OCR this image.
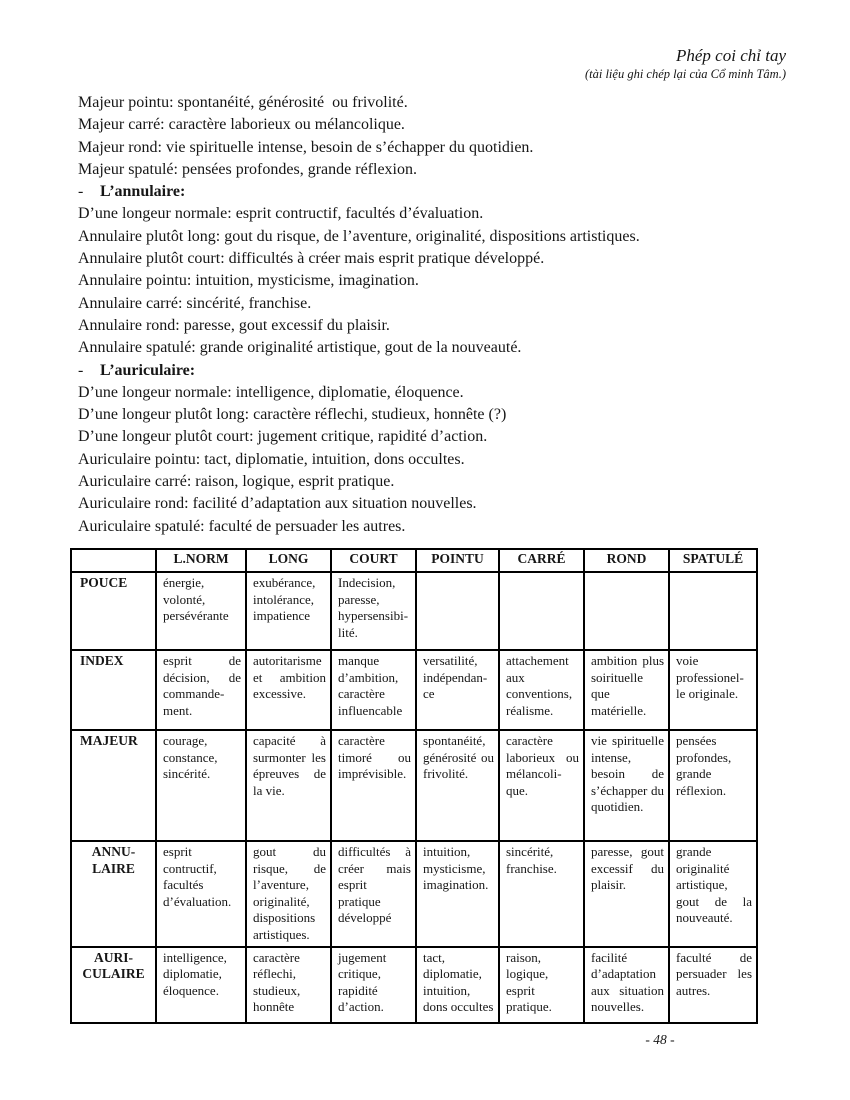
Phép coi chỉ tay
(tài liệu ghi chép lại của Cổ minh Tâm.)
Majeur pointu: spontanéité, générosité  ou frivolité.
Majeur carré: caractère laborieux ou mélancolique.
Majeur rond: vie spirituelle intense, besoin de s’échapper du quotidien.
Majeur spatulé: pensées profondes, grande réflexion.
-	L’annulaire:
D’une longeur normale: esprit contructif, facultés d’évaluation.
Annulaire plutôt long: gout du risque, de l’aventure, originalité, dispositions artistiques.
Annulaire plutôt court: difficultés à créer mais esprit pratique développé.
Annulaire pointu: intuition, mysticisme, imagination.
Annulaire carré: sincérité, franchise.
Annulaire rond: paresse, gout excessif du plaisir.
Annulaire spatulé: grande originalité artistique, gout de la nouveauté.
-	L’auriculaire:
D’une longeur normale: intelligence, diplomatie, éloquence.
D’une longeur plutôt long: caractère réflechi, studieux, honnête (?)
D’une longeur plutôt court: jugement critique, rapidité d’action.
Auriculaire pointu: tact, diplomatie, intuition, dons occultes.
Auriculaire carré: raison, logique, esprit pratique.
Auriculaire rond: facilité d’adaptation aux situation nouvelles.
Auriculaire spatulé: faculté de persuader les autres.
	L.NORM	LONG	COURT	POINTU	CARRÉ	ROND	SPATULÉ
POUCE	énergie, volonté, persévérante	exubérance, intolérance, impatience	Indecision, paresse, hypersensibi-lité.				
INDEX	esprit de décision, de commande-ment.	autoritarisme et ambition excessive.	manque d’ambition, caractère influencable	versatilité, indépendan-ce	attachement aux conventions, réalisme.	ambition plus soirituelle que matérielle.	voie professionel-le originale.
MAJEUR	courage, constance, sincérité.	capacité à surmonter les épreuves de la vie.	caractère timoré ou imprévisible.	spontanéité, générosité ou frivolité.	caractère laborieux ou mélancoli-que.	vie spirituelle intense, besoin de s’échapper du quotidien.	pensées profondes, grande réflexion.
ANNU-LAIRE	esprit contructif, facultés d’évaluation.	gout du risque, de l’aventure, originalité, dispositions artistiques.	difficultés à créer mais esprit pratique développé	intuition, mysticisme, imagination.	sincérité, franchise.	paresse, gout excessif du plaisir.	grande originalité artistique, gout de la nouveauté.
AURI-CULAIRE	intelligence, diplomatie, éloquence.	caractère réflechi, studieux, honnête	jugement critique, rapidité d’action.	tact, diplomatie, intuition, dons occultes	raison, logique, esprit pratique.	facilité d’adaptation aux situation nouvelles.	faculté de persuader les autres.
- 48 -
